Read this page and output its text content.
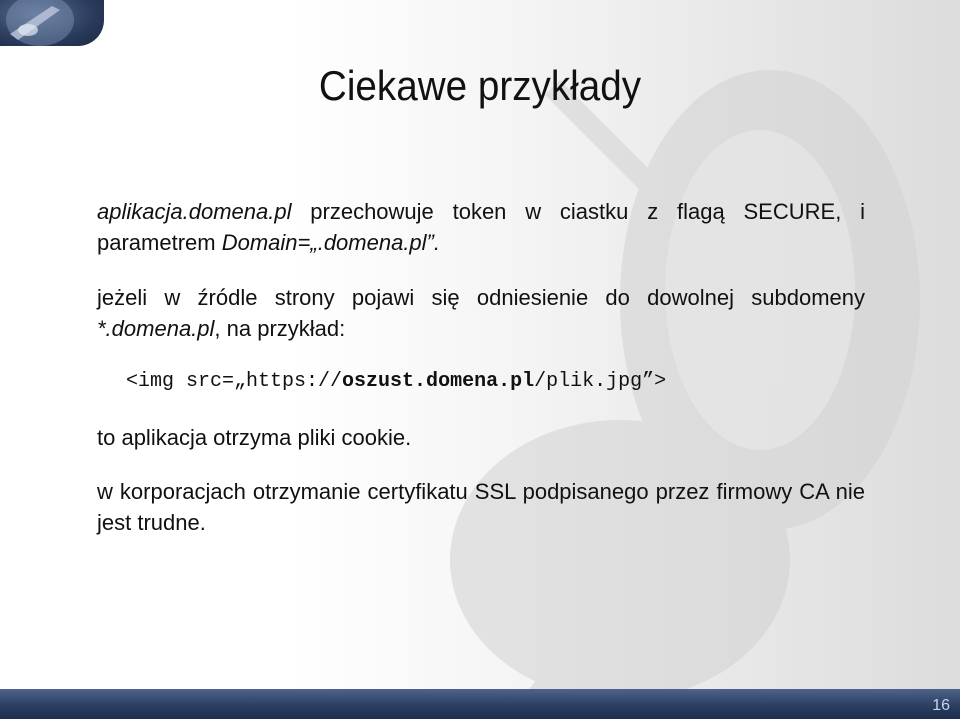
Ciekawe przykłady

aplikacja.domena.pl przechowuje token w ciastku z flagą SECURE, i parametrem Domain=„.domena.pl”.

jeżeli w źródle strony pojawi się odniesienie do dowolnej subdomeny *.domena.pl, na przykład:

<img src=„https://oszust.domena.pl/plik.jpg”>

to aplikacja otrzyma pliki cookie.

w korporacjach otrzymanie certyfikatu SSL podpisanego przez firmowy CA nie jest trudne.

16
